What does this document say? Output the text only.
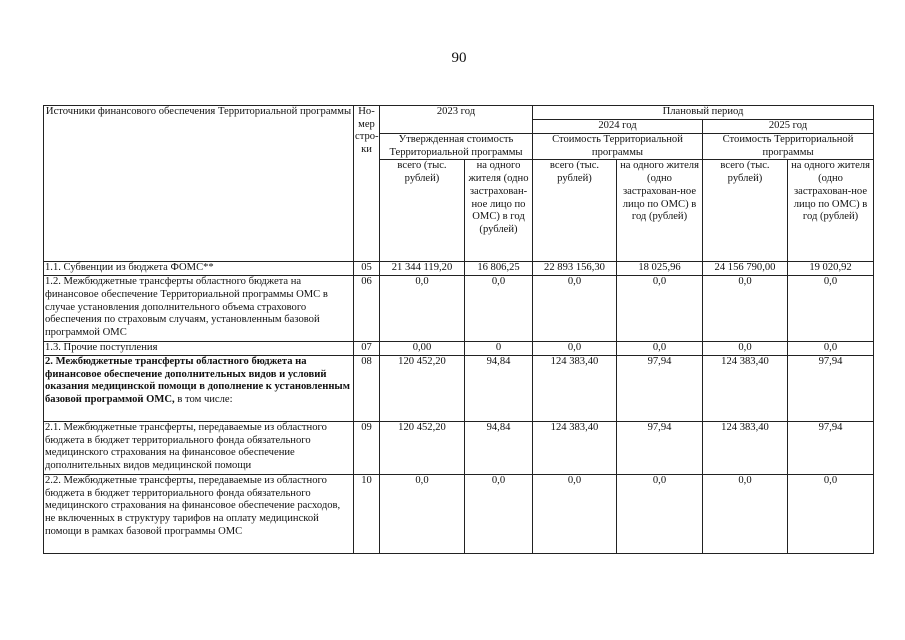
90
Источники финансового обеспечения Территориальной программы	Но-мер стро-ки	2023 год		Плановый период			
				2024 год		2025 год	
		Утвержденная стоимость Территориальной программы		Стоимость Территориальной программы		Стоимость Территориальной программы	
		всего (тыс. рублей)	на одного жителя (одно застрахован-ное лицо по ОМС) в год (рублей)	всего (тыс. рублей)	на одного жителя (одно застрахован-ное лицо по ОМС) в год (рублей)	всего (тыс. рублей)	на одного жителя (одно застрахован-ное лицо по ОМС) в год (рублей)
1.1. Субвенции из бюджета ФОМС**	05	21 344 119,20	16 806,25	22 893 156,30	18 025,96	24 156 790,00	19 020,92
1.2. Межбюджетные трансферты областного бюджета на финансовое обеспечение Территориальной программы ОМС в случае установления дополнительного объема страхового обеспечения по страховым случаям, установленным базовой программой ОМС	06	0,0	0,0	0,0	0,0	0,0	0,0
1.3. Прочие поступления	07	0,00	0	0,0	0,0	0,0	0,0
2. Межбюджетные трансферты областного бюджета на финансовое обеспечение дополнительных видов и условий оказания медицинской помощи в дополнение к установленным базовой программой ОМС, в том числе:	08	120 452,20	94,84	124 383,40	97,94	124 383,40	97,94
2.1. Межбюджетные трансферты, передаваемые из областного бюджета в бюджет территориального фонда обязательного медицинского страхования на финансовое обеспечение дополнительных видов медицинской помощи	09	120 452,20	94,84	124 383,40	97,94	124 383,40	97,94
2.2. Межбюджетные трансферты, передаваемые из областного бюджета в бюджет территориального фонда обязательного медицинского страхования на финансовое обеспечение расходов, не включенных в структуру тарифов на оплату медицинской помощи в рамках базовой программы ОМС	10	0,0	0,0	0,0	0,0	0,0	0,0
